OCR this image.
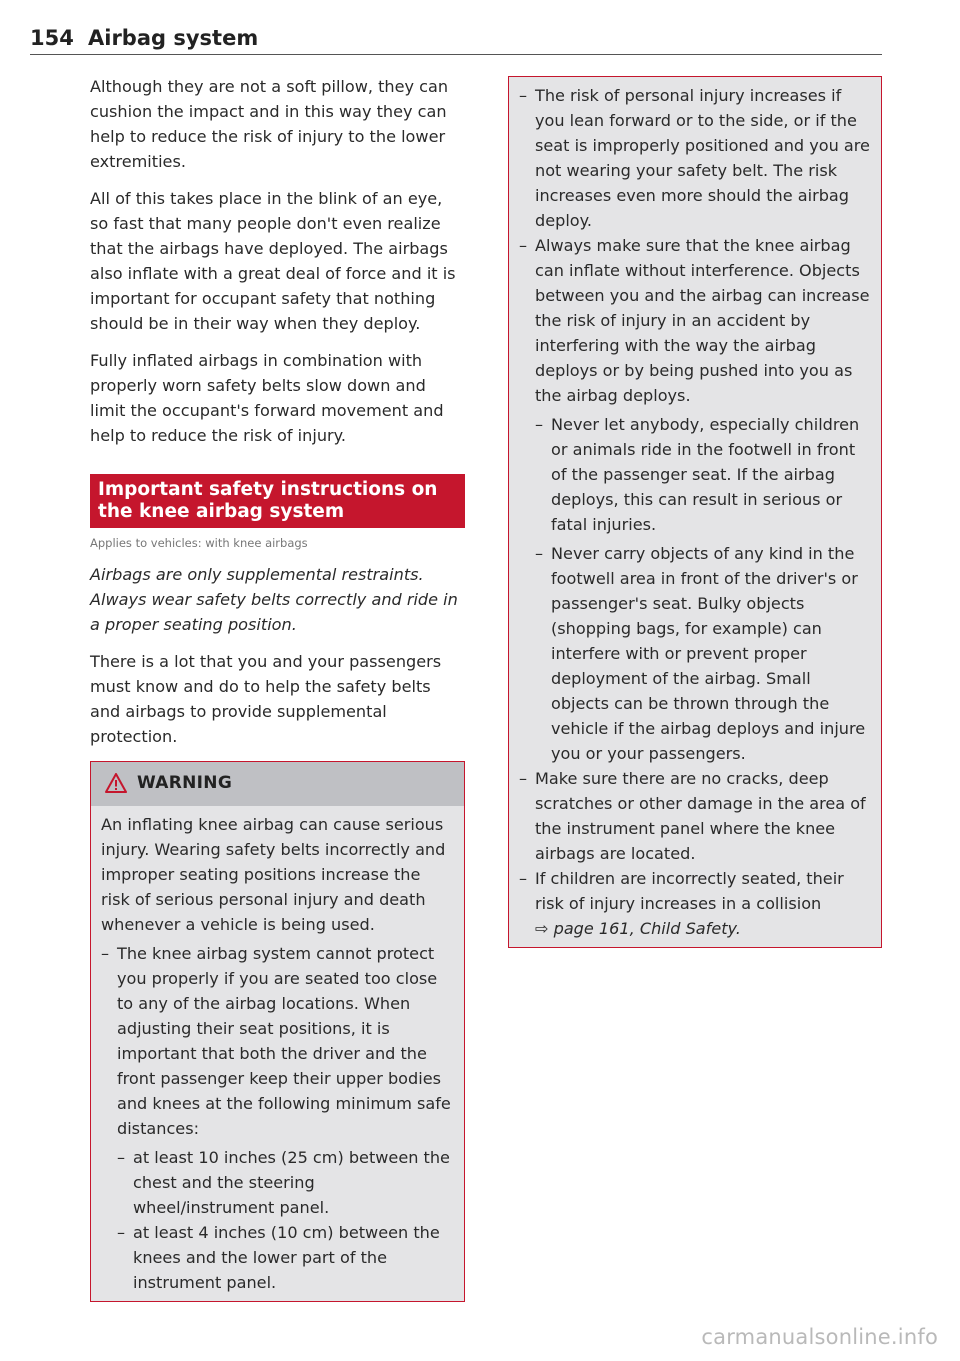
154 Airbag system

Although they are not a soft pillow, they can cushion the impact and in this way they can help to reduce the risk of injury to the lower extremities.

All of this takes place in the blink of an eye, so fast that many people don't even realize that the airbags have deployed. The airbags also inflate with a great deal of force and it is important for occupant safety that nothing should be in their way when they deploy.

Fully inflated airbags in combination with properly worn safety belts slow down and limit the occupant's forward movement and help to reduce the risk of injury.

Important safety instructions on the knee airbag system
Applies to vehicles: with knee airbags

Airbags are only supplemental restraints. Always wear safety belts correctly and ride in a proper seating position.

There is a lot that you and your passengers must know and do to help the safety belts and airbags to provide supplemental protection.

WARNING

An inflating knee airbag can cause serious injury. Wearing safety belts incorrectly and improper seating positions increase the risk of serious personal injury and death whenever a vehicle is being used.

– The knee airbag system cannot protect you properly if you are seated too close to any of the airbag locations. When adjusting their seat positions, it is important that both the driver and the front passenger keep their upper bodies and knees at the following minimum safe distances:
– at least 10 inches (25 cm) between the chest and the steering wheel/instrument panel.
– at least 4 inches (10 cm) between the knees and the lower part of the instrument panel.
– The risk of personal injury increases if you lean forward or to the side, or if the seat is improperly positioned and you are not wearing your safety belt. The risk increases even more should the airbag deploy.
– Always make sure that the knee airbag can inflate without interference. Objects between you and the airbag can increase the risk of injury in an accident by interfering with the way the airbag deploys or by being pushed into you as the airbag deploys.
– Never let anybody, especially children or animals ride in the footwell in front of the passenger seat. If the airbag deploys, this can result in serious or fatal injuries.
– Never carry objects of any kind in the footwell area in front of the driver's or passenger's seat. Bulky objects (shopping bags, for example) can interfere with or prevent proper deployment of the airbag. Small objects can be thrown through the vehicle if the airbag deploys and injure you or your passengers.
– Make sure there are no cracks, deep scratches or other damage in the area of the instrument panel where the knee airbags are located.
– If children are incorrectly seated, their risk of injury increases in a collision
⇨ page 161, Child Safety.
carmanualsonline.info
